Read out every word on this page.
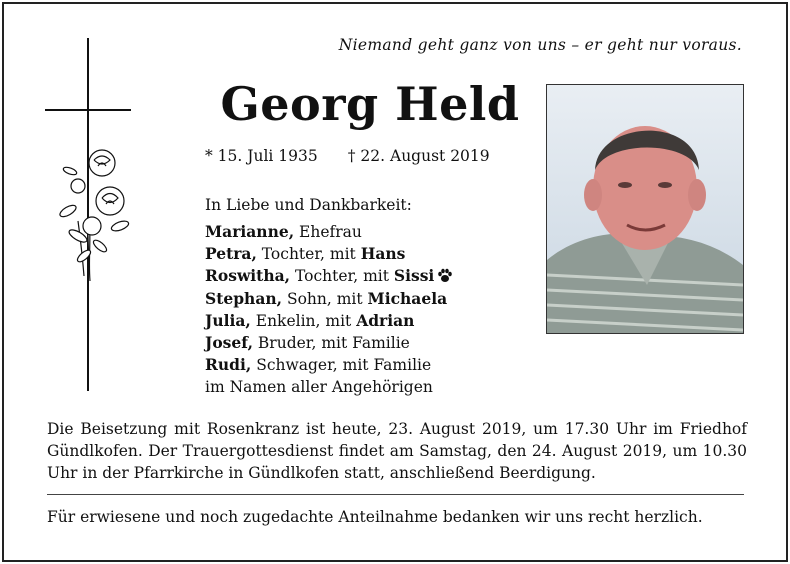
Niemand geht ganz von uns – er geht nur voraus.
Georg Held
* 15. Juli 1935 † 22. August 2019
In Liebe und Dankbarkeit:
Marianne, Ehefrau
Petra, Tochter, mit Hans
Roswitha, Tochter, mit Sissi
Stephan, Sohn, mit Michaela
Julia, Enkelin, mit Adrian
Josef, Bruder, mit Familie
Rudi, Schwager, mit Familie
im Namen aller Angehörigen
Die Beisetzung mit Rosenkranz ist heute, 23. August 2019, um 17.30 Uhr im Friedhof Gündlkofen. Der Trauergottesdienst findet am Samstag, den 24. August 2019, um 10.30 Uhr in der Pfarrkirche in Gündlkofen statt, anschließend Beerdigung.
Für erwiesene und noch zugedachte Anteilnahme bedanken wir uns recht herzlich.
